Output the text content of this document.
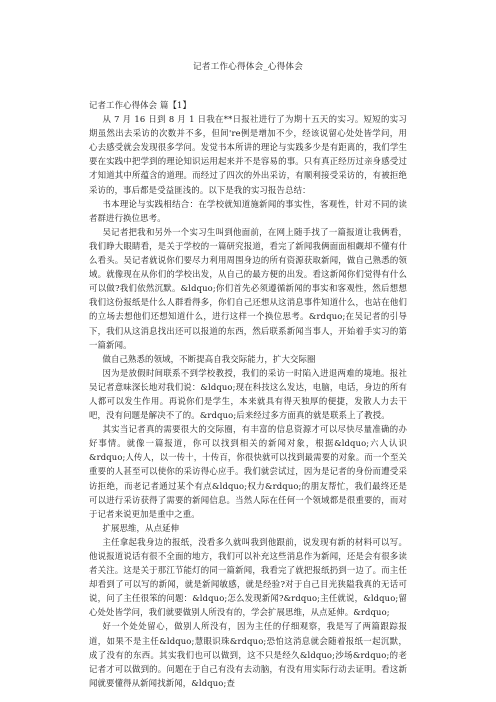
记者工作心得体会_心得体会

记者工作心得体会 篇【1】

从 7 月 16 日到 8 月 1 日我在**日报社进行了为期十五天的实习。短短的实习期虽然出去采访的次数并不多，但间're例是增加不少，经该说留心处处皆学问，用心去感受就会发现很多学问。发觉书本所讲的理论与实践多少是有距离的，我们学生要在实践中把学到的理论知识运用起来并不是容易的事。只有真正经历过亲身感受过才知道其中所蕴含的道理。而经过了四次的外出采访，有顺利接受采访的，有被拒绝采访的，事后都是受益匪浅的。以下是我的实习报告总结：

书本理论与实践相结合：在学校就知道施新闻的事实性，客观性，针对不同的读者群进行换位思考。

吴记者把我和另外一个实习生叫到他面前，在网上随手找了一篇报道让我俩看，我们睁大眼睛看，是关于学校的一篇研究报道，看完了新闻我俩面面相觑却不懂有什么看头。吴记者就说你们要尽力利用周围身边的所有资源获取新闻，做自己熟悉的领域。就像现在从你们的学校出发，从自己的最方便的出发。看这新闻你们觉得有什么可以做?我们依然沉默。&ldquo;你们首先必须遵循新闻的事实和客观性，然后想想我们这份报纸是什么人群看得多，你们自己还想从这消息事件知道什么，也站在他们的立场去想他们还想知道什么，进行这样一个换位思考。&rdquo;在吴记者的引导下，我们从这消息找出还可以报道的东西，然后联系新闻当事人，开始着手实习的第一篇新闻。

做自己熟悉的领域，不断提高自我交际能力，扩大交际圈

因为是放假时间联系不到学校教授，我们的采访一时陷入进退两难的境地。报社吴记者意味深长地对我们说：&ldquo;现在科技这么发达，电脑，电话，身边的所有人都可以发生作用。再说你们是学生，本来就具有得天独厚的便捷，发散人力去干吧，没有问题是解决不了的。&rdquo;后来经过多方面真的就是联系上了教授。

其实当记者真的需要很大的交际圈，有丰富的信息资源才可以尽快尽量准确的办好事情。就像一篇报道，你可以找到相关的新闻对象，根据&ldquo;六人认识&rdquo;人传人，以一传十，十传百，你很快就可以找到最需要的对象。而一个至关重要的人甚至可以使你的采访得心应手。我们就尝试过，因为是记者的身份而遭受采访拒绝，而老记者通过某个有点&ldquo;权力&rdquo;的朋友帮忙，我们最终还是可以进行采访获得了需要的新闻信息。当然人际在任何一个领域都是很重要的，而对于记者来说更加是重中之重。

扩展思维，从点延伸

主任拿起我身边的报纸，没看多久就叫我到他跟前，说发现有新的材料可以写。他说报道说话有很不全面的地方，我们可以补充这些消息作为新闻，还是会有很多读者关注。这是关于那江节能灯的同一篇新闻，我看完了就把报纸扔到一边了。而主任却看到了可以写的新闻，就是新闻敏感，就是经验?对于自己目光狭隘我真的无话可说，问了主任很笨的问题：&ldquo;怎么发现新闻?&rdquo;主任就说，&ldquo;留心处处皆学问，我们就要做别人所没有的，学会扩展思维，从点延伸。&rdquo;

好一个处处留心，做别人所没有，因为主任的仔细观察，我是写了两篇跟踪报道，如果不是主任&ldquo;慧眼识珠&rdquo;恐怕这消息就会随着报纸一起沉默，成了没有的东西。其实我们也可以做到，这不只是经久&ldquo;沙场&rdquo;的老记者才可以做到的。问题在于自己有没有去动脑，有没有用实际行动去证明。看这新闻就要懂得从新闻找新闻，&ldquo;查
